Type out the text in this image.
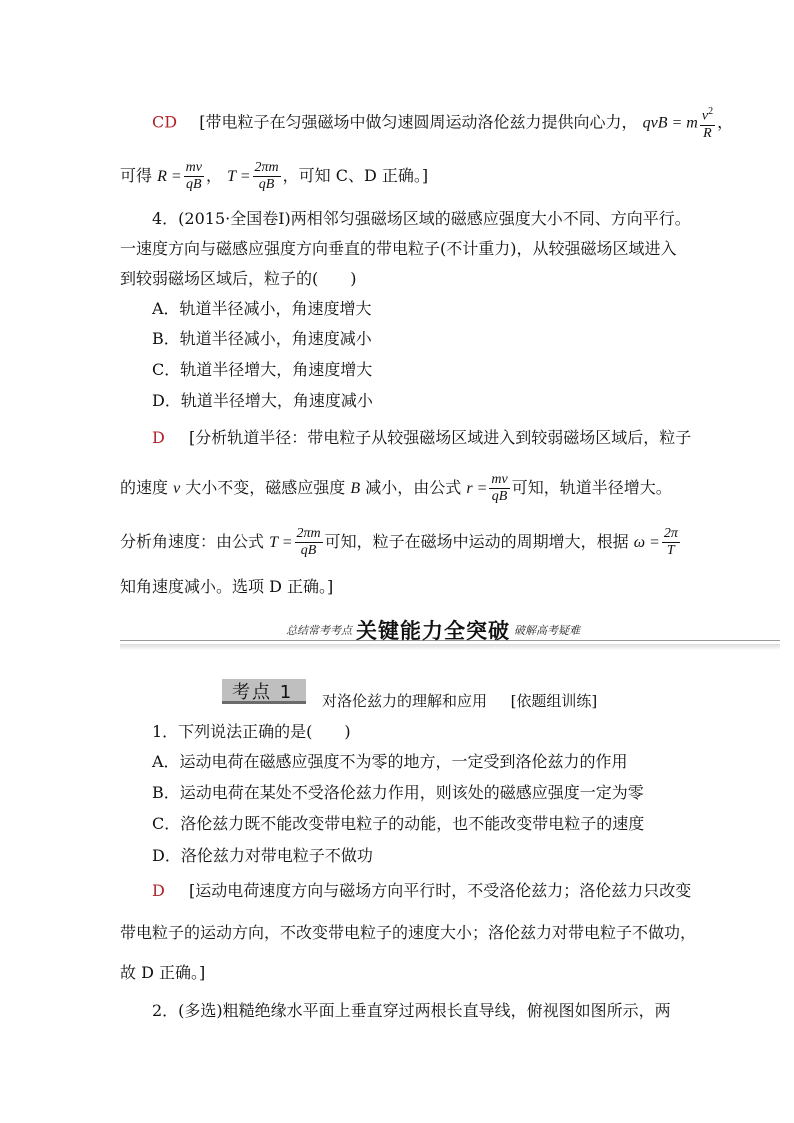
CD [带电粒子在匀强磁场中做匀速圆周运动洛伦兹力提供向心力， qvB = m $\frac{v^2}{R}$ ，
可得 $R = \frac{mv}{qB}$ ， $T = \frac{2\pi m}{qB}$ ，可知 C、D 正确。]
4．(2015·全国卷Ⅰ)两相邻匀强磁场区域的磁感应强度大小不同、方向平行。
一速度方向与磁感应强度方向垂直的带电粒子(不计重力)，从较强磁场区域进入
到较弱磁场区域后，粒子的(　　)
A．轨道半径减小，角速度增大
B．轨道半径减小，角速度减小
C．轨道半径增大，角速度增大
D．轨道半径增大，角速度减小
D [分析轨道半径：带电粒子从较强磁场区域进入到较弱磁场区域后，粒子
的速度 v 大小不变，磁感应强度 B 减小，由公式 $r = \frac{mv}{qB}$ 可知，轨道半径增大。
分析角速度：由公式 $T = \frac{2\pi m}{qB}$ 可知，粒子在磁场中运动的周期增大，根据 $\omega = \frac{2\pi}{T}$
知角速度减小。选项 D 正确。]
总结常考考点 关键能力全突破 破解高考疑难
考点 1 对洛伦兹力的理解和应用 [依题组训练]
1．下列说法正确的是(　　)
A．运动电荷在磁感应强度不为零的地方，一定受到洛伦兹力的作用
B．运动电荷在某处不受洛伦兹力作用，则该处的磁感应强度一定为零
C．洛伦兹力既不能改变带电粒子的动能，也不能改变带电粒子的速度
D．洛伦兹力对带电粒子不做功
D [运动电荷速度方向与磁场方向平行时，不受洛伦兹力；洛伦兹力只改变
带电粒子的运动方向，不改变带电粒子的速度大小；洛伦兹力对带电粒子不做功，
故 D 正确。]
2．(多选)粗糙绝缘水平面上垂直穿过两根长直导线，俯视图如图所示，两
